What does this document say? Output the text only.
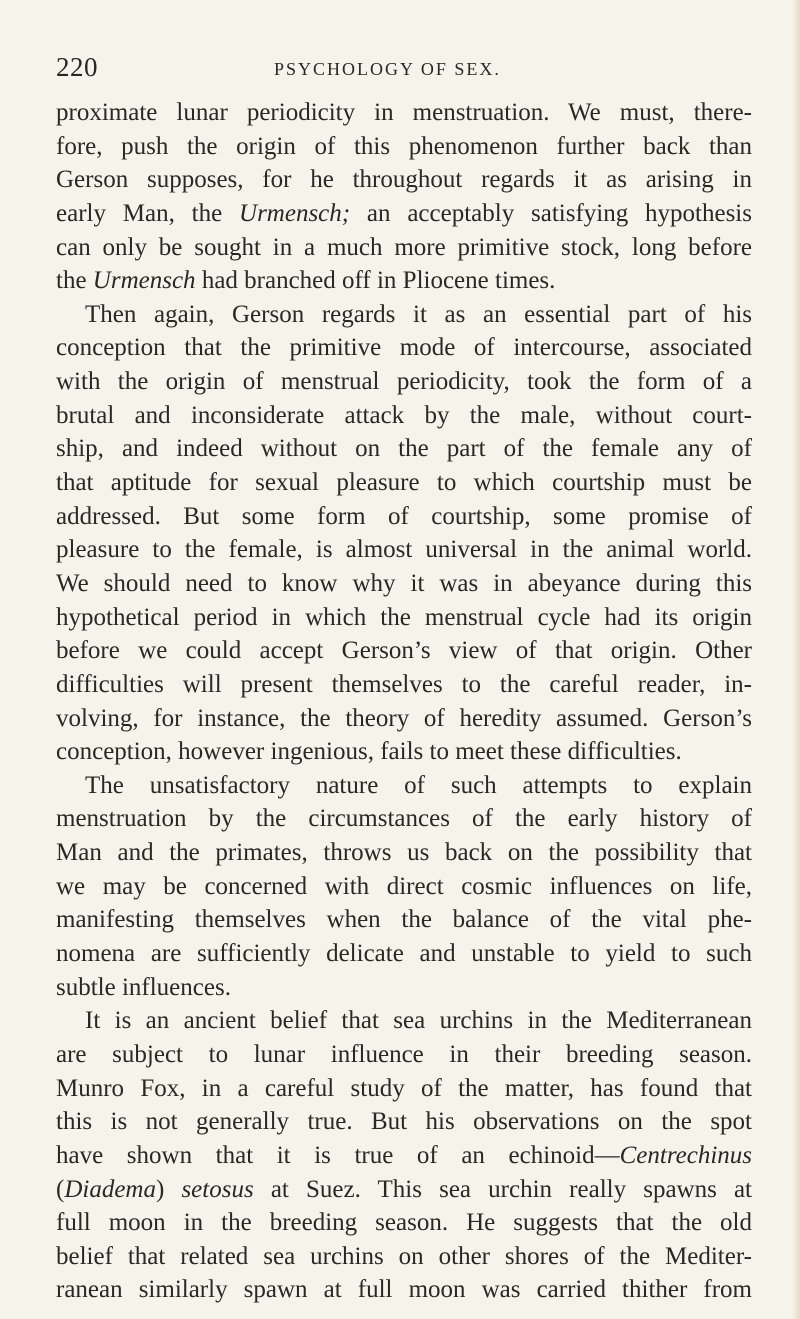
220	PSYCHOLOGY OF SEX.
proximate lunar periodicity in menstruation. We must, there-
fore, push the origin of this phenomenon further back than
Gerson supposes, for he throughout regards it as arising in
early Man, the Urmensch; an acceptably satisfying hypothesis
can only be sought in a much more primitive stock, long before
the Urmensch had branched off in Pliocene times.
Then again, Gerson regards it as an essential part of his
conception that the primitive mode of intercourse, associated
with the origin of menstrual periodicity, took the form of a
brutal and inconsiderate attack by the male, without court-
ship, and indeed without on the part of the female any of
that aptitude for sexual pleasure to which courtship must be
addressed. But some form of courtship, some promise of
pleasure to the female, is almost universal in the animal world.
We should need to know why it was in abeyance during this
hypothetical period in which the menstrual cycle had its origin
before we could accept Gerson’s view of that origin. Other
difficulties will present themselves to the careful reader, in-
volving, for instance, the theory of heredity assumed. Gerson’s
conception, however ingenious, fails to meet these difficulties.
The unsatisfactory nature of such attempts to explain
menstruation by the circumstances of the early history of
Man and the primates, throws us back on the possibility that
we may be concerned with direct cosmic influences on life,
manifesting themselves when the balance of the vital phe-
nomena are sufficiently delicate and unstable to yield to such
subtle influences.
It is an ancient belief that sea urchins in the Mediterranean
are subject to lunar influence in their breeding season.
Munro Fox, in a careful study of the matter, has found that
this is not generally true. But his observations on the spot
have shown that it is true of an echinoid—Centrechinus
(Diadema) setosus at Suez. This sea urchin really spawns at
full moon in the breeding season. He suggests that the old
belief that related sea urchins on other shores of the Mediter-
ranean similarly spawn at full moon was carried thither from
